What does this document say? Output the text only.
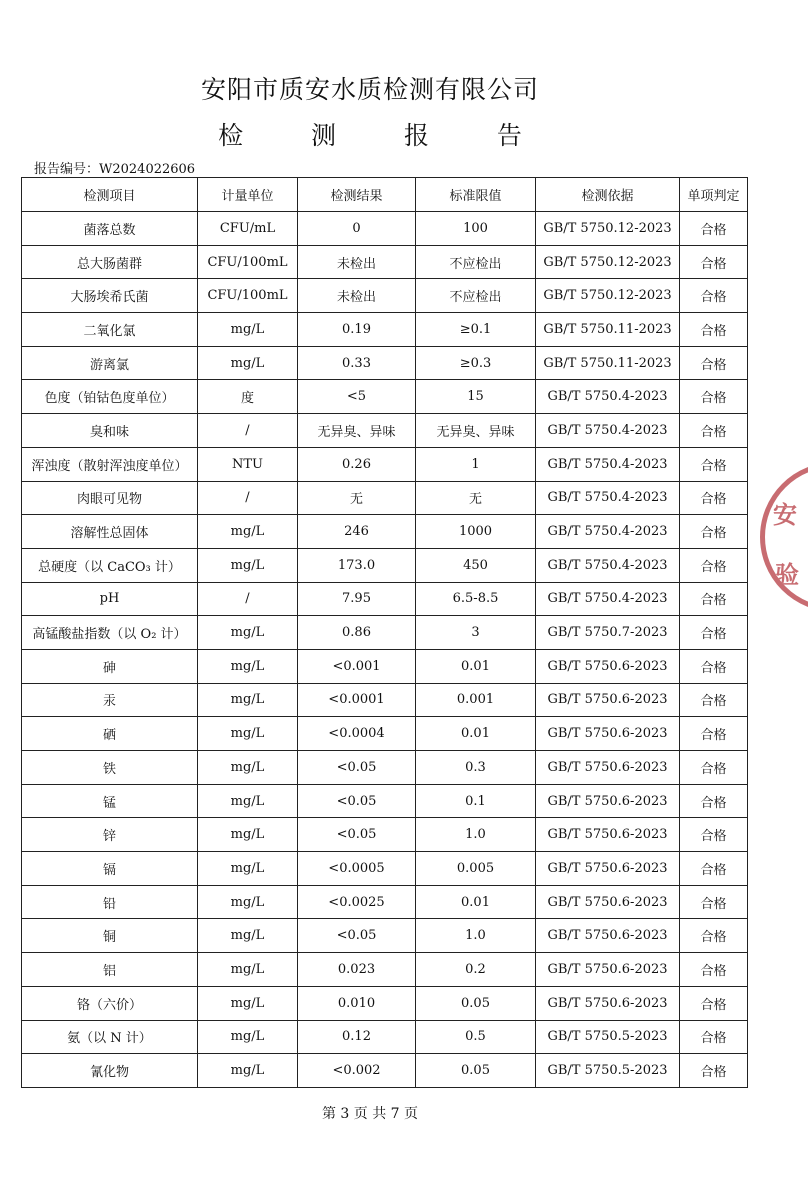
安阳市质安水质检测有限公司
检 测 报 告
报告编号：W2024022606
检测项目	计量单位	检测结果	标准限值	检测依据	单项判定
菌落总数	CFU/mL	0	100	GB/T 5750.12-2023	合格
总大肠菌群	CFU/100mL	未检出	不应检出	GB/T 5750.12-2023	合格
大肠埃希氏菌	CFU/100mL	未检出	不应检出	GB/T 5750.12-2023	合格
二氧化氯	mg/L	0.19	≥0.1	GB/T 5750.11-2023	合格
游离氯	mg/L	0.33	≥0.3	GB/T 5750.11-2023	合格
色度（铂钴色度单位）	度	<5	15	GB/T 5750.4-2023	合格
臭和味	/	无异臭、异味	无异臭、异味	GB/T 5750.4-2023	合格
浑浊度（散射浑浊度单位）	NTU	0.26	1	GB/T 5750.4-2023	合格
肉眼可见物	/	无	无	GB/T 5750.4-2023	合格
溶解性总固体	mg/L	246	1000	GB/T 5750.4-2023	合格
总硬度（以 CaCO₃ 计）	mg/L	173.0	450	GB/T 5750.4-2023	合格
pH	/	7.95	6.5-8.5	GB/T 5750.4-2023	合格
高锰酸盐指数（以 O₂ 计）	mg/L	0.86	3	GB/T 5750.7-2023	合格
砷	mg/L	<0.001	0.01	GB/T 5750.6-2023	合格
汞	mg/L	<0.0001	0.001	GB/T 5750.6-2023	合格
硒	mg/L	<0.0004	0.01	GB/T 5750.6-2023	合格
铁	mg/L	<0.05	0.3	GB/T 5750.6-2023	合格
锰	mg/L	<0.05	0.1	GB/T 5750.6-2023	合格
锌	mg/L	<0.05	1.0	GB/T 5750.6-2023	合格
镉	mg/L	<0.0005	0.005	GB/T 5750.6-2023	合格
铅	mg/L	<0.0025	0.01	GB/T 5750.6-2023	合格
铜	mg/L	<0.05	1.0	GB/T 5750.6-2023	合格
铝	mg/L	0.023	0.2	GB/T 5750.6-2023	合格
铬（六价）	mg/L	0.010	0.05	GB/T 5750.6-2023	合格
氨（以 N 计）	mg/L	0.12	0.5	GB/T 5750.5-2023	合格
氰化物	mg/L	<0.002	0.05	GB/T 5750.5-2023	合格
第 3 页 共 7 页
安
验
